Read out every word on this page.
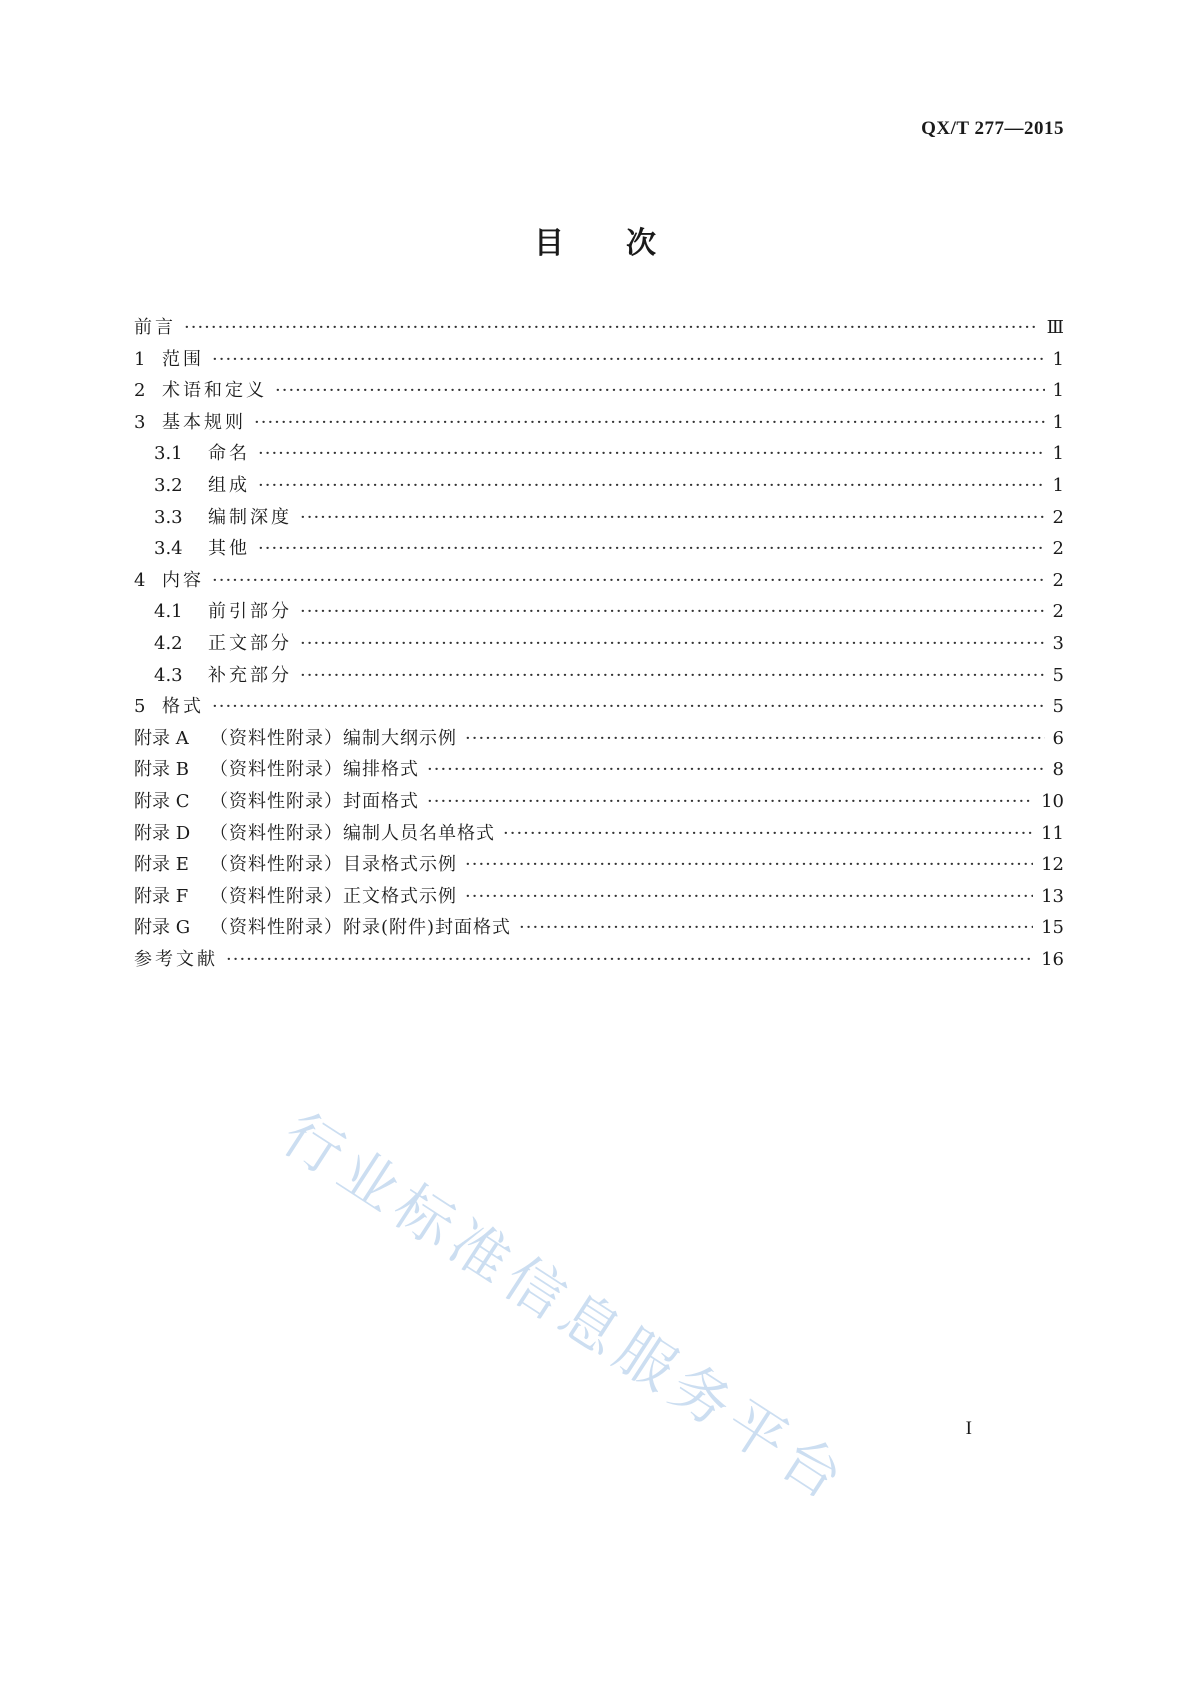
QX/T 277—2015
目 次
前言 ·····	Ⅲ
1 范围 ·····	1
2 术语和定义 ·····	1
3 基本规则 ·····	1
3.1	命名 ·····	1
3.2	组成 ·····	1
3.3	编制深度 ·····	2
3.4	其他 ·····	2
4 内容 ·····	2
4.1	前引部分 ·····	2
4.2	正文部分 ·····	3
4.3	补充部分 ·····	5
5 格式 ·····	5
附录 A （资料性附录）编制大纲示例 ·····	6
附录 B （资料性附录）编排格式 ·····	8
附录 C （资料性附录）封面格式 ·····	10
附录 D （资料性附录）编制人员名单格式 ·····	11
附录 E （资料性附录）目录格式示例 ·····	12
附录 F	（资料性附录）正文格式示例 ·····	13
附录 G （资料性附录）附录(附件)封面格式 ·····	15
参考文献 ·····	16
行业标准信息服务平台	I
